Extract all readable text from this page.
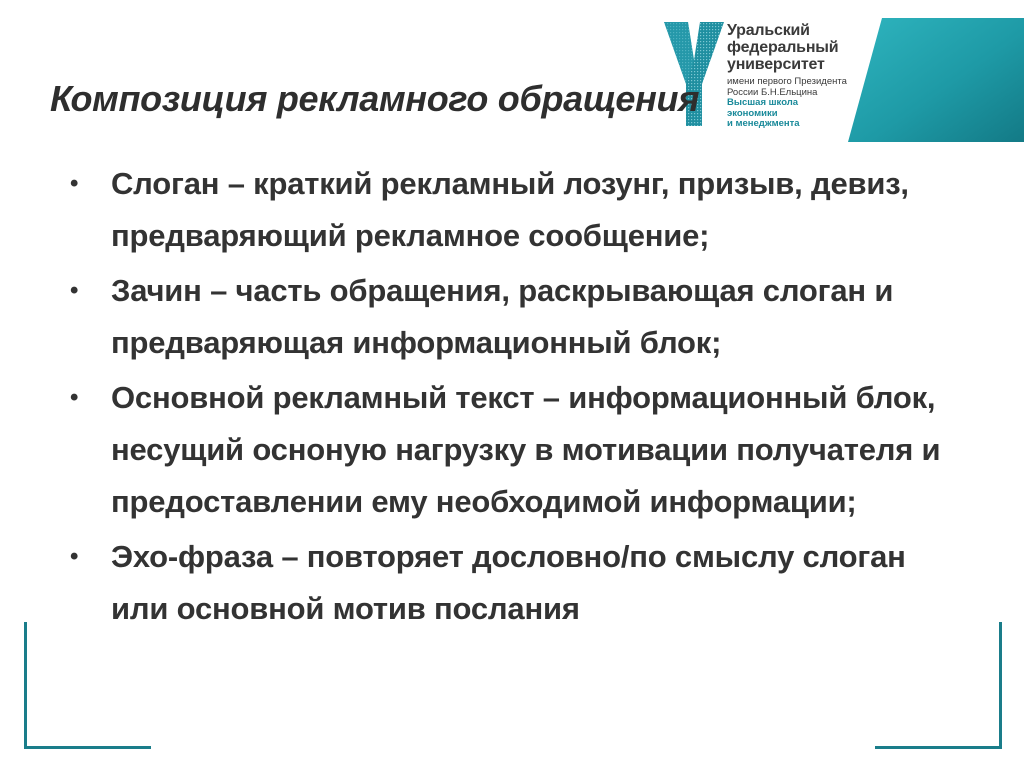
Уральский
федеральный
университет
имени первого Президента
России Б.Н.Ельцина
Высшая школа
экономики
и менеджмента
Композиция рекламного обращения
• Слоган – краткий рекламный лозунг, призыв, девиз, предваряющий рекламное сообщение;
• Зачин – часть обращения, раскрывающая слоган и предваряющая информационный блок;
• Основной рекламный текст – информационный блок, несущий осноную нагрузку в мотивации получателя и предоставлении ему необходимой информации;
• Эхо-фраза – повторяет дословно/по смыслу слоган или основной мотив послания
